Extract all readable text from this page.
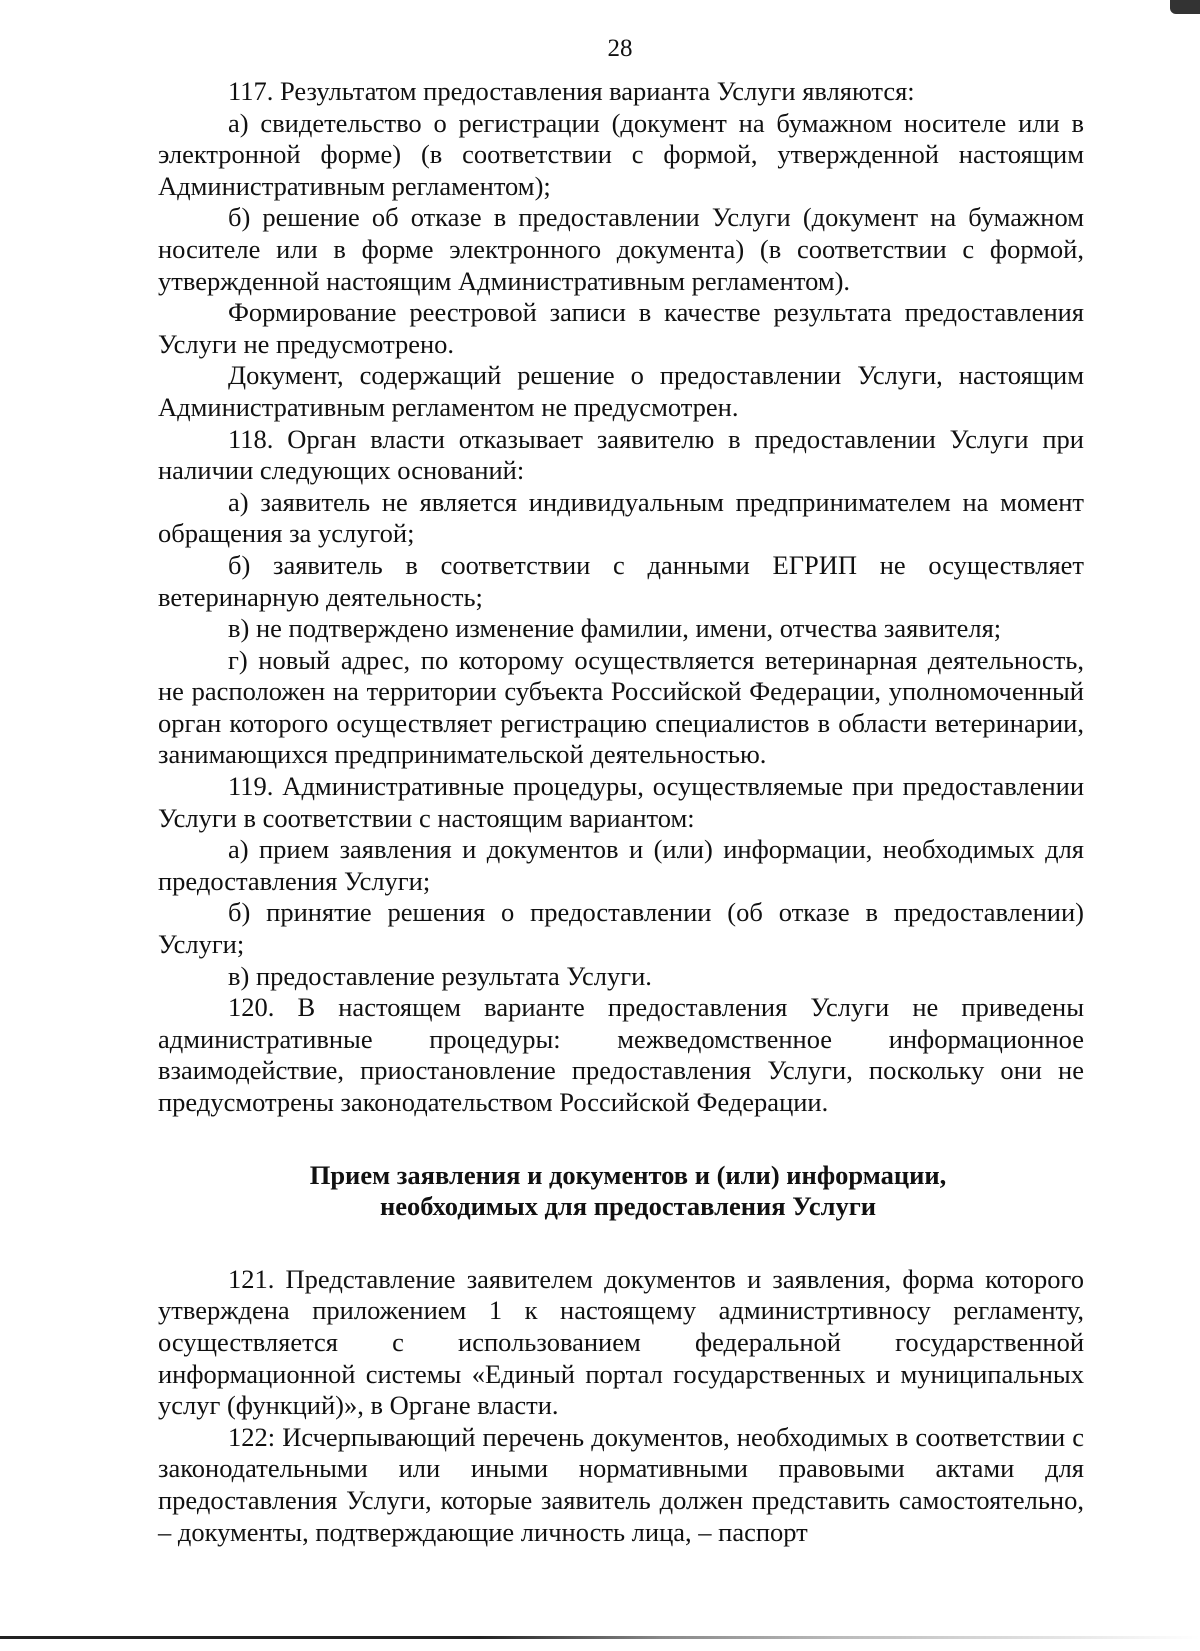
28

117. Результатом предоставления варианта Услуги являются:

а) свидетельство о регистрации (документ на бумажном носителе или в электронной форме) (в соответствии с формой, утвержденной настоящим Административным регламентом);

б) решение об отказе в предоставлении Услуги (документ на бумажном носителе или в форме электронного документа) (в соответствии с формой, утвержденной настоящим Административным регламентом).

Формирование реестровой записи в качестве результата предоставления Услуги не предусмотрено.

Документ, содержащий решение о предоставлении Услуги, настоящим Административным регламентом не предусмотрен.

118. Орган власти отказывает заявителю в предоставлении Услуги при наличии следующих оснований:

а) заявитель не является индивидуальным предпринимателем на момент обращения за услугой;

б) заявитель в соответствии с данными ЕГРИП не осуществляет ветеринарную деятельность;

в) не подтверждено изменение фамилии, имени, отчества заявителя;

г) новый адрес, по которому осуществляется ветеринарная деятельность, не расположен на территории субъекта Российской Федерации, уполномоченный орган которого осуществляет регистрацию специалистов в области ветеринарии, занимающихся предпринимательской деятельностью.

119. Административные процедуры, осуществляемые при предоставлении Услуги в соответствии с настоящим вариантом:

а) прием заявления и документов и (или) информации, необходимых для предоставления Услуги;

б) принятие решения о предоставлении (об отказе в предоставлении) Услуги;

в) предоставление результата Услуги.

120. В настоящем варианте предоставления Услуги не приведены административные процедуры: межведомственное информационное взаимодействие, приостановление предоставления Услуги, поскольку они не предусмотрены законодательством Российской Федерации.

Прием заявления и документов и (или) информации,
необходимых для предоставления Услуги

121. Представление заявителем документов и заявления, форма которого утверждена приложением 1 к настоящему администртивносу регламенту, осуществляется с использованием федеральной государственной информационной системы «Единый портал государственных и муниципальных услуг (функций)», в Органе власти.

122: Исчерпывающий перечень документов, необходимых в соответствии с законодательными или иными нормативными правовыми актами для предоставления Услуги, которые заявитель должен представить самостоятельно, – документы, подтверждающие личность лица, – паспорт
